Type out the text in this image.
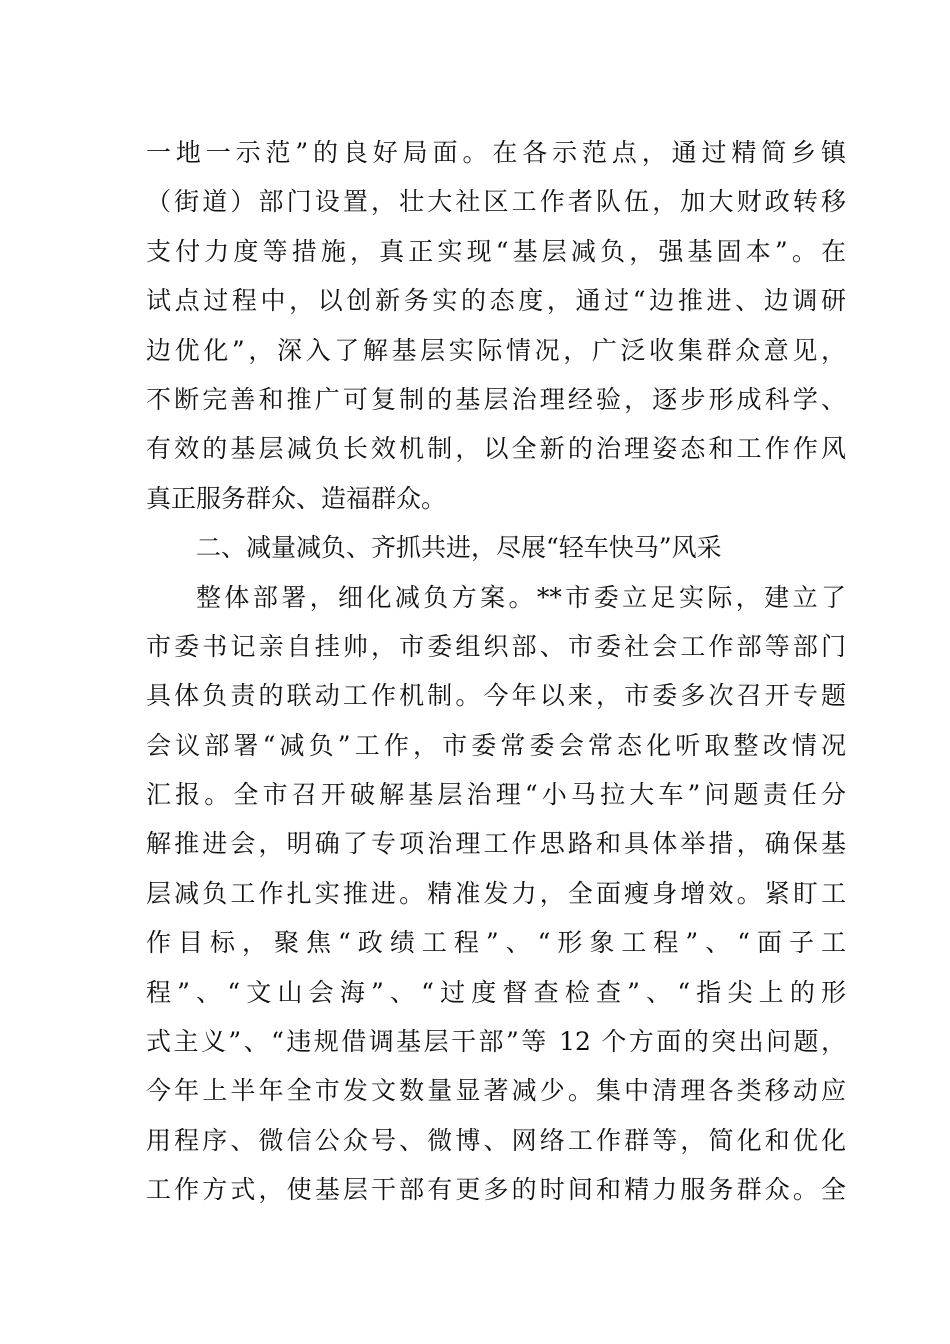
一地一示范”的良好局面。在各示范点，通过精简乡镇
（街道）部门设置，壮大社区工作者队伍，加大财政转移
支付力度等措施，真正实现“基层减负，强基固本”。在
试点过程中，以创新务实的态度，通过“边推进、边调研
边优化”，深入了解基层实际情况，广泛收集群众意见，
不断完善和推广可复制的基层治理经验，逐步形成科学、
有效的基层减负长效机制，以全新的治理姿态和工作作风
真正服务群众、造福群众。
二、减量减负、齐抓共进，尽展“轻车快马”风采
整体部署，细化减负方案。**市委立足实际，建立了
市委书记亲自挂帅，市委组织部、市委社会工作部等部门
具体负责的联动工作机制。今年以来，市委多次召开专题
会议部署“减负”工作，市委常委会常态化听取整改情况
汇报。全市召开破解基层治理“小马拉大车”问题责任分
解推进会，明确了专项治理工作思路和具体举措，确保基
层减负工作扎实推进。精准发力，全面瘦身增效。紧盯工
作目标，聚焦“政绩工程”、“形象工程”、“面子工
程”、“文山会海”、“过度督查检查”、“指尖上的形
式主义”、“违规借调基层干部”等 12 个方面的突出问题，
今年上半年全市发文数量显著减少。集中清理各类移动应
用程序、微信公众号、微博、网络工作群等，简化和优化
工作方式，使基层干部有更多的时间和精力服务群众。全
